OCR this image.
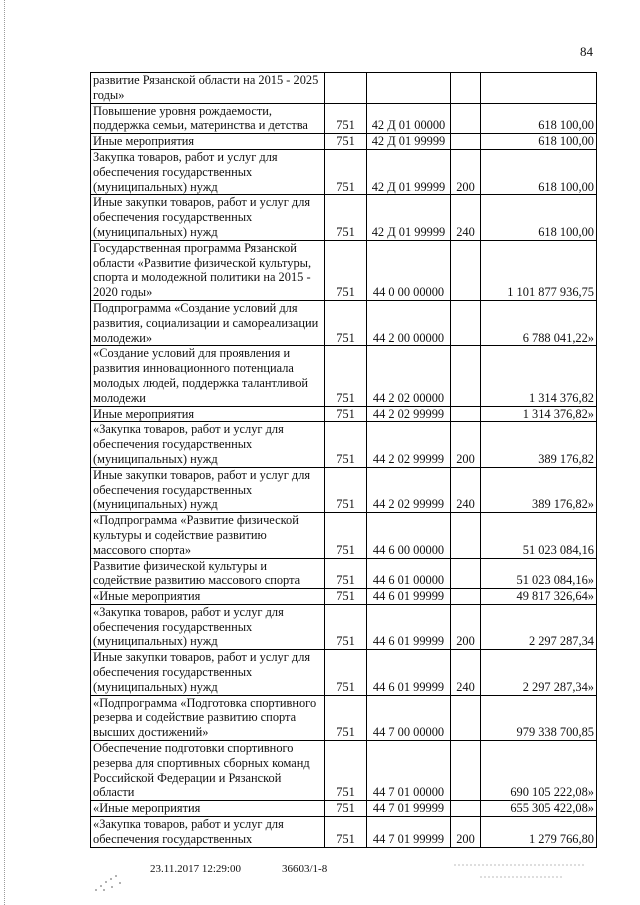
84
развитие Рязанской области на 2015 - 2025 годы»				
Повышение уровня рождаемости, поддержка семьи, материнства и детства	751	42 Д 01 00000		618 100,00
Иные мероприятия	751	42 Д 01 99999		618 100,00
Закупка товаров, работ и услуг для обеспечения государственных (муниципальных) нужд	751	42 Д 01 99999	200	618 100,00
Иные закупки товаров, работ и услуг для обеспечения государственных (муниципальных) нужд	751	42 Д 01 99999	240	618 100,00
Государственная программа Рязанской области «Развитие физической культуры, спорта и молодежной политики на 2015 - 2020 годы»	751	44 0 00 00000		1 101 877 936,75
Подпрограмма «Создание условий для развития, социализации и самореализации молодежи»	751	44 2 00 00000		6 788 041,22»
«Создание условий для проявления и развития инновационного потенциала молодых людей, поддержка талантливой молодежи	751	44 2 02 00000		1 314 376,82
Иные мероприятия	751	44 2 02 99999		1 314 376,82»
«Закупка товаров, работ и услуг для обеспечения государственных (муниципальных) нужд	751	44 2 02 99999	200	389 176,82
Иные закупки товаров, работ и услуг для обеспечения государственных (муниципальных) нужд	751	44 2 02 99999	240	389 176,82»
«Подпрограмма «Развитие физической культуры и содействие развитию массового спорта»	751	44 6 00 00000		51 023 084,16
Развитие физической культуры и содействие развитию массового спорта	751	44 6 01 00000		51 023 084,16»
«Иные мероприятия	751	44 6 01 99999		49 817 326,64»
«Закупка товаров, работ и услуг для обеспечения государственных (муниципальных) нужд	751	44 6 01 99999	200	2 297 287,34
Иные закупки товаров, работ и услуг для обеспечения государственных (муниципальных) нужд	751	44 6 01 99999	240	2 297 287,34»
«Подпрограмма «Подготовка спортивного резерва и содействие развитию спорта высших достижений»	751	44 7 00 00000		979 338 700,85
Обеспечение подготовки спортивного резерва для спортивных сборных команд Российской Федерации и Рязанской области	751	44 7 01 00000		690 105 222,08»
«Иные мероприятия	751	44 7 01 99999		655 305 422,08»
«Закупка товаров, работ и услуг для обеспечения государственных	751	44 7 01 99999	200	1 279 766,80
23.11.2017 12:29:00	36603/1-8
